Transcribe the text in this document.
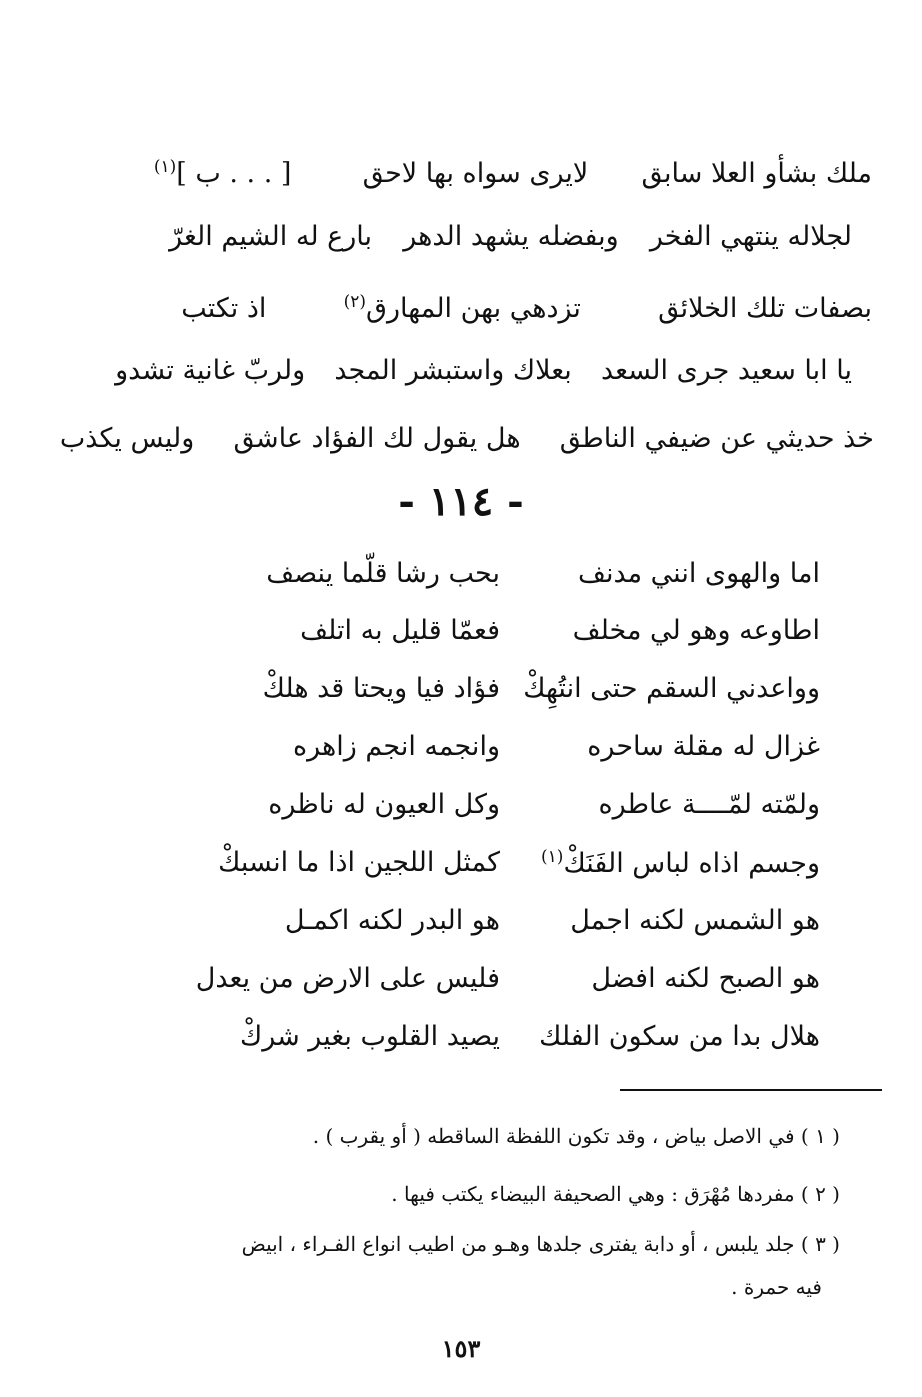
ملك بشأو العلا سابق  لايرى سواه بها لاحق  [ . . . ب ]$^{(١)}$
لجلاله ينتهي الفخر  وبفضله يشهد الدهر  بارع له الشيم الغرّ
بصفات تلك الخلائق  تزدهي بهن المهارق$^{(٢)}$  اذ تكتب
يا ابا سعيد جرى السعد  بعلاك واستبشر المجد  ولربّ غانية تشدو
خذ حديثي عن ضيفي الناطق  هل يقول لك الفؤاد عاشق  وليس يكذب
- ١١٤ -
اما والهوى انني مدنف
بحب رشا قلّما ينصف
اطاوعه وهو لي مخلف
فعمّا قليل به اتلف
وواعدني السقم حتى انتُهِكْ
فؤاد فيا ويحتا قد هلكْ
غزال له مقلة ساحره
وانجمه انجم زاهره
ولمّته لمّــــة عاطره
وكل العيون له ناظره
وجسم اذاه لباس الفَنَكْ$^{(١)}$
كمثل اللجين اذا ما انسبكْ
هو الشمس لكنه اجمل
هو البدر لكنه اكمـل
هو الصبح لكنه افضل
فليس على الارض من يعدل
هلال بدا من سكون الفلك
يصيد القلوب بغير شركْ
( ١ ) في الاصل بياض ، وقد تكون اللفظة الساقطه ( أو يقرب ) .
( ٢ ) مفردها مُهْرَق : وهي الصحيفة البيضاء يكتب فيها .
( ٣ ) جلد يلبس ، أو دابة يفترى جلدها وهـو من اطيب انواع الفـراء ، ابيض
فيه حمرة .
١٥٣
